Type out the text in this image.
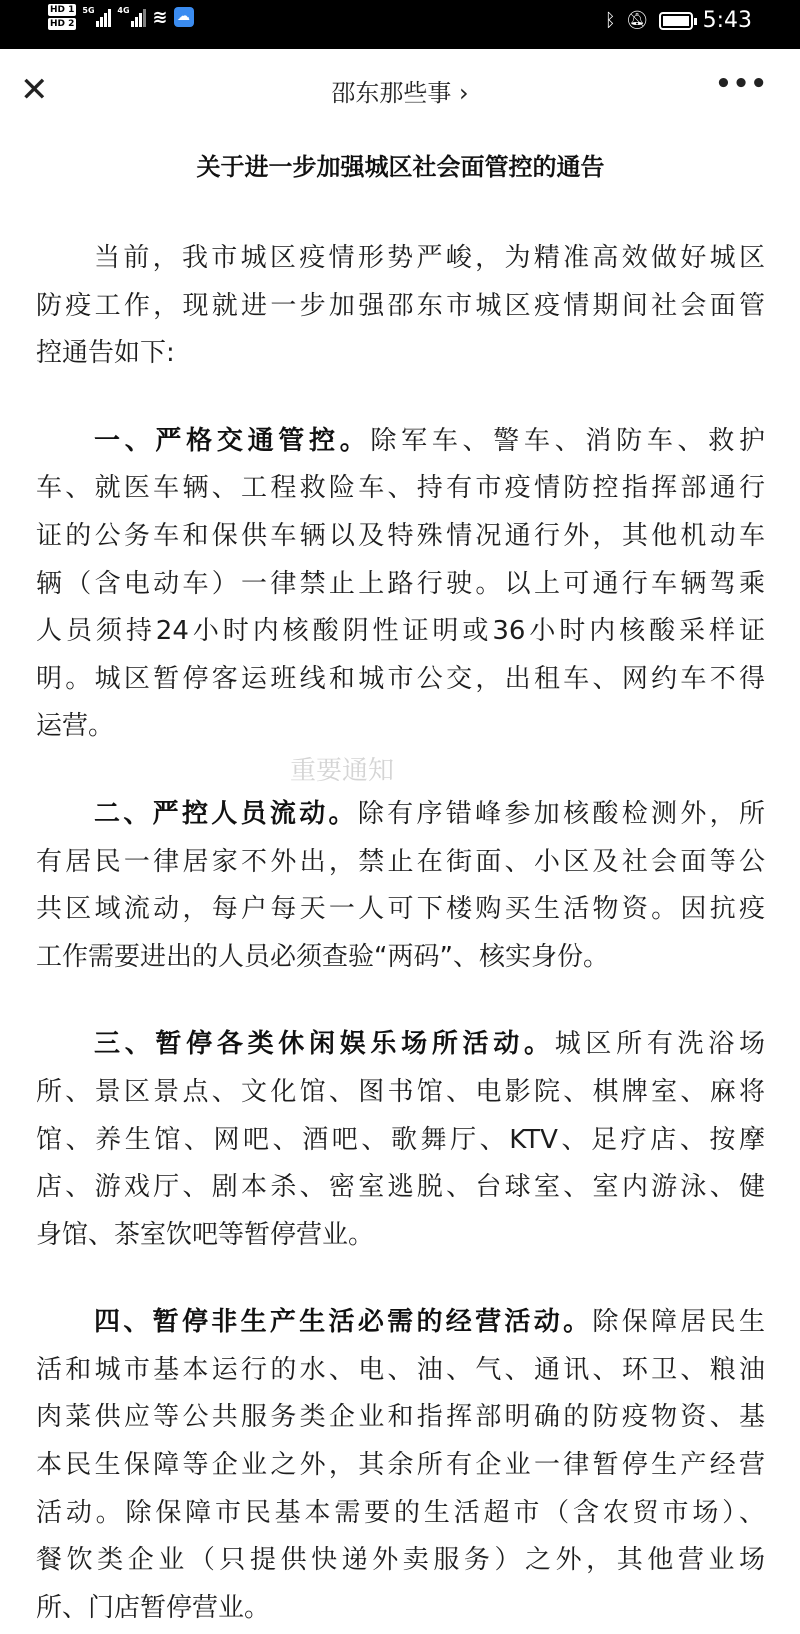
HD 1
HD 2
5G	4G ≋ ☁	ᛒ 🔕︎ 5:43
✕	邵东那些事 ›	•••
关于进一步加强城区社会面管控的通告
当前，我市城区疫情形势严峻，为精准高效做好城区
防疫工作，现就进一步加强邵东市城区疫情期间社会面管
控通告如下:
一、严格交通管控。除军车、警车、消防车、救护
车、就医车辆、工程救险车、持有市疫情防控指挥部通行
证的公务车和保供车辆以及特殊情况通行外，其他机动车
辆（含电动车）一律禁止上路行驶。以上可通行车辆驾乘
人员须持24小时内核酸阴性证明或36小时内核酸采样证
明。城区暂停客运班线和城市公交，出租车、网约车不得
运营。
二、严控人员流动。除有序错峰参加核酸检测外，所
有居民一律居家不外出，禁止在街面、小区及社会面等公
共区域流动，每户每天一人可下楼购买生活物资。因抗疫
工作需要进出的人员必须查验“两码”、核实身份。
三、暂停各类休闲娱乐场所活动。城区所有洗浴场
所、景区景点、文化馆、图书馆、电影院、棋牌室、麻将
馆、养生馆、网吧、酒吧、歌舞厅、KTV、足疗店、按摩
店、游戏厅、剧本杀、密室逃脱、台球室、室内游泳、健
身馆、茶室饮吧等暂停营业。
四、暂停非生产生活必需的经营活动。除保障居民生
活和城市基本运行的水、电、油、气、通讯、环卫、粮油
肉菜供应等公共服务类企业和指挥部明确的防疫物资、基
本民生保障等企业之外，其余所有企业一律暂停生产经营
活动。除保障市民基本需要的生活超市（含农贸市场）、
餐饮类企业（只提供快递外卖服务）之外，其他营业场
所、门店暂停营业。
重要通知
